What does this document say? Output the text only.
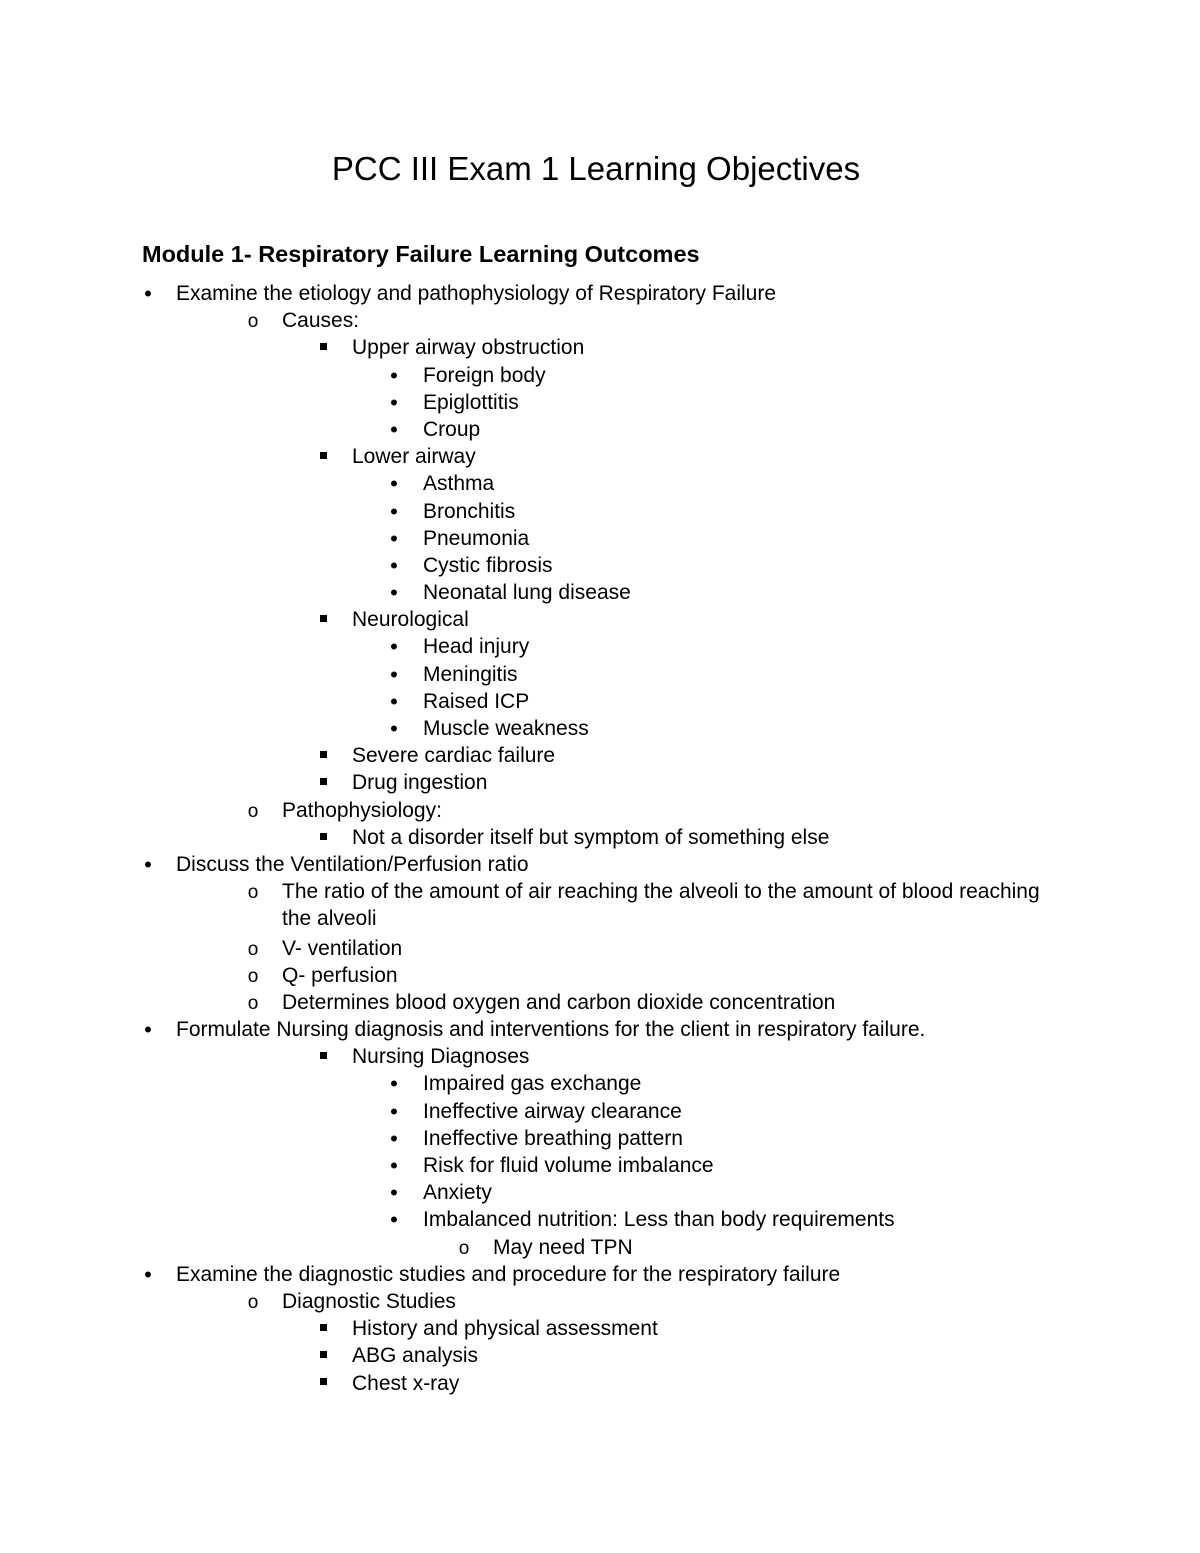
PCC III Exam 1 Learning Objectives
Module 1- Respiratory Failure Learning Outcomes
•
Examine the etiology and pathophysiology of Respiratory Failure
o
Causes:
Upper airway obstruction
•
Foreign body
•
Epiglottitis
•
Croup
Lower airway
•
Asthma
•
Bronchitis
•
Pneumonia
•
Cystic fibrosis
•
Neonatal lung disease
Neurological
•
Head injury
•
Meningitis
•
Raised ICP
•
Muscle weakness
Severe cardiac failure
Drug ingestion
o
Pathophysiology:
Not a disorder itself but symptom of something else
•
Discuss the Ventilation/Perfusion ratio
o
The ratio of the amount of air reaching the alveoli to the amount of blood reaching the alveoli
o
V- ventilation
o
Q- perfusion
o
Determines blood oxygen and carbon dioxide concentration
•
Formulate Nursing diagnosis and interventions for the client in respiratory failure.
Nursing Diagnoses
•
Impaired gas exchange
•
Ineffective airway clearance
•
Ineffective breathing pattern
•
Risk for fluid volume imbalance
•
Anxiety
•
Imbalanced nutrition: Less than body requirements
o
May need TPN
•
Examine the diagnostic studies and procedure for the respiratory failure
o
Diagnostic Studies
History and physical assessment
ABG analysis
Chest x-ray
